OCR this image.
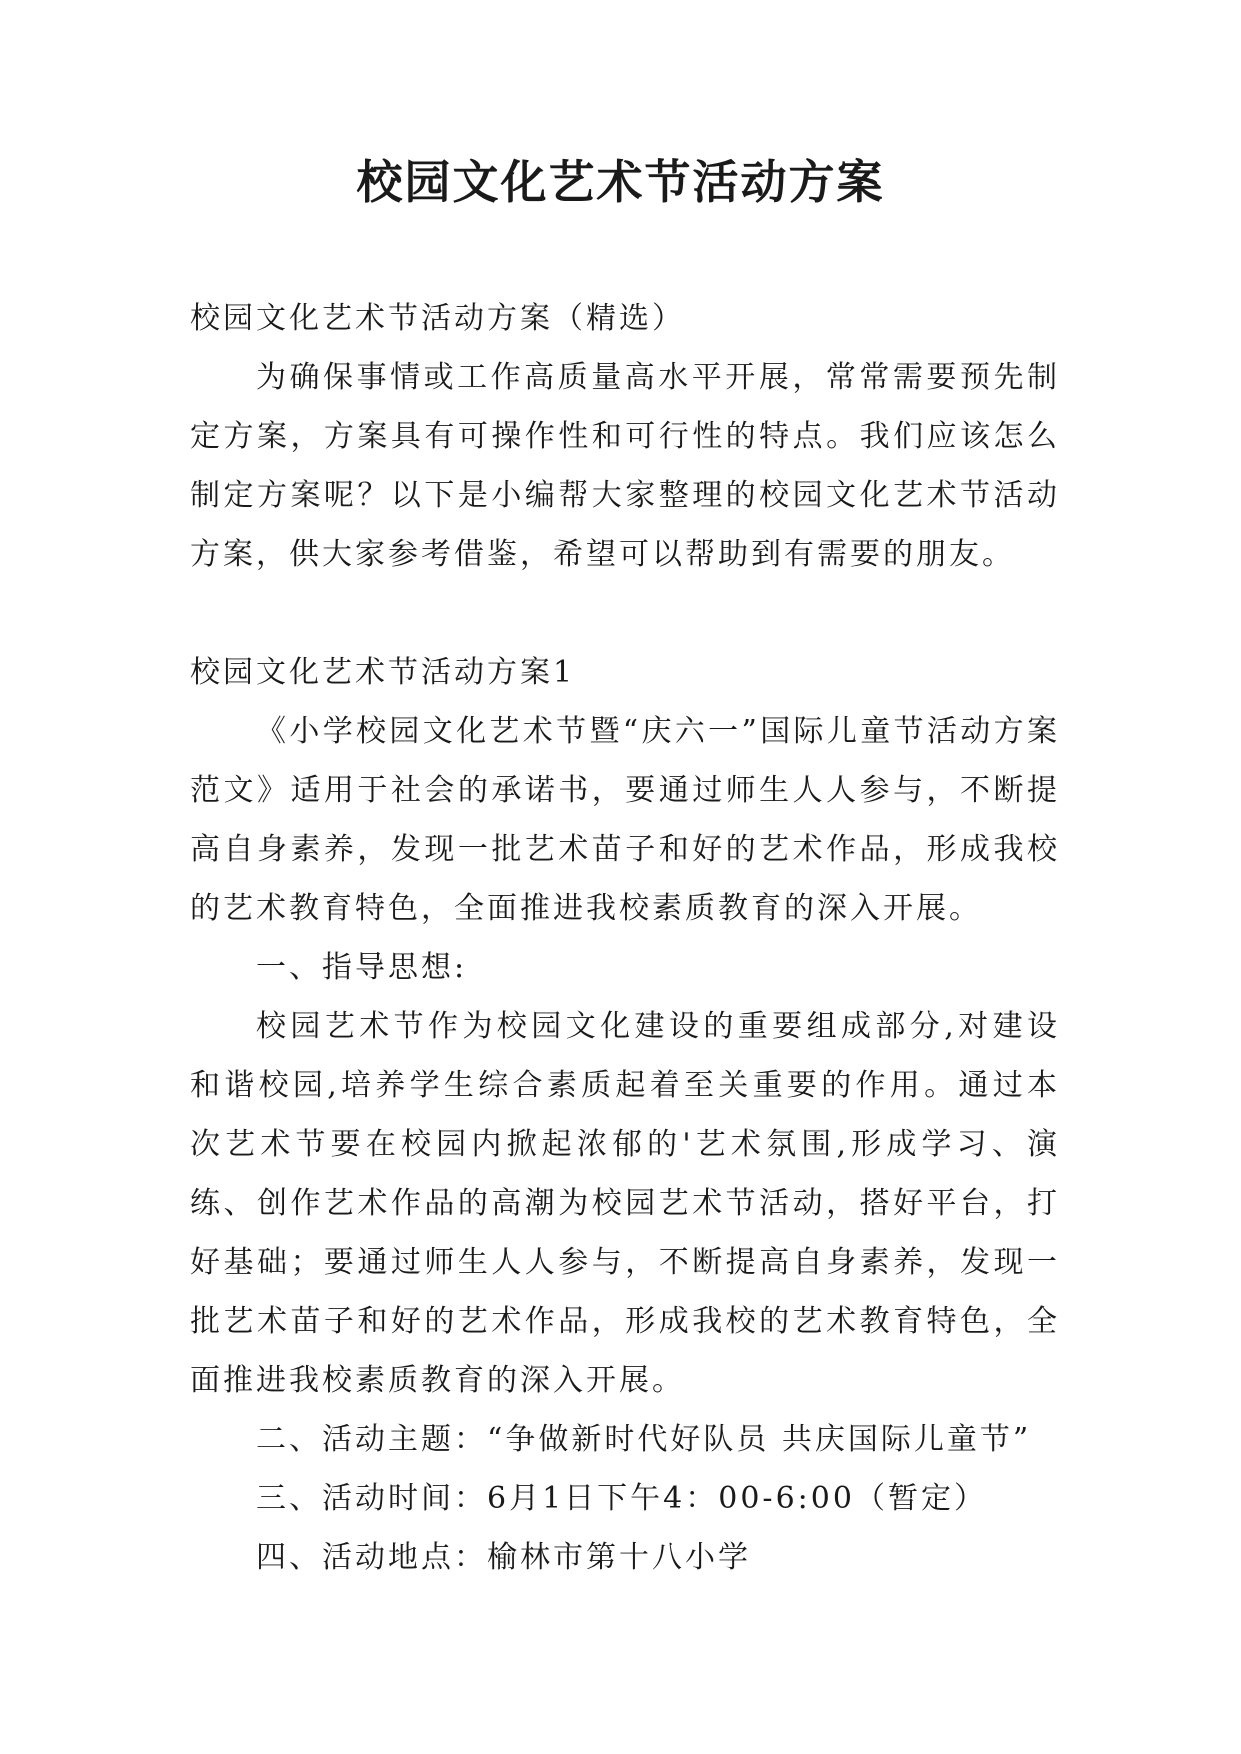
校园文化艺术节活动方案

校园文化艺术节活动方案（精选）

为确保事情或工作高质量高水平开展，常常需要预先制定方案，方案具有可操作性和可行性的特点。我们应该怎么制定方案呢？以下是小编帮大家整理的校园文化艺术节活动方案，供大家参考借鉴，希望可以帮助到有需要的朋友。

校园文化艺术节活动方案1

《小学校园文化艺术节暨“庆六一”国际儿童节活动方案范文》适用于社会的承诺书，要通过师生人人参与，不断提高自身素养，发现一批艺术苗子和好的艺术作品，形成我校的艺术教育特色，全面推进我校素质教育的深入开展。

一、指导思想:

校园艺术节作为校园文化建设的重要组成部分,对建设和谐校园,培养学生综合素质起着至关重要的作用。通过本次艺术节要在校园内掀起浓郁的'艺术氛围,形成学习、演练、创作艺术作品的高潮为校园艺术节活动，搭好平台，打好基础；要通过师生人人参与，不断提高自身素养，发现一批艺术苗子和好的艺术作品，形成我校的艺术教育特色，全面推进我校素质教育的深入开展。

二、活动主题：“争做新时代好队员 共庆国际儿童节”

三、活动时间：6月1日下午4：00-6:00（暂定）

四、活动地点：榆林市第十八小学
